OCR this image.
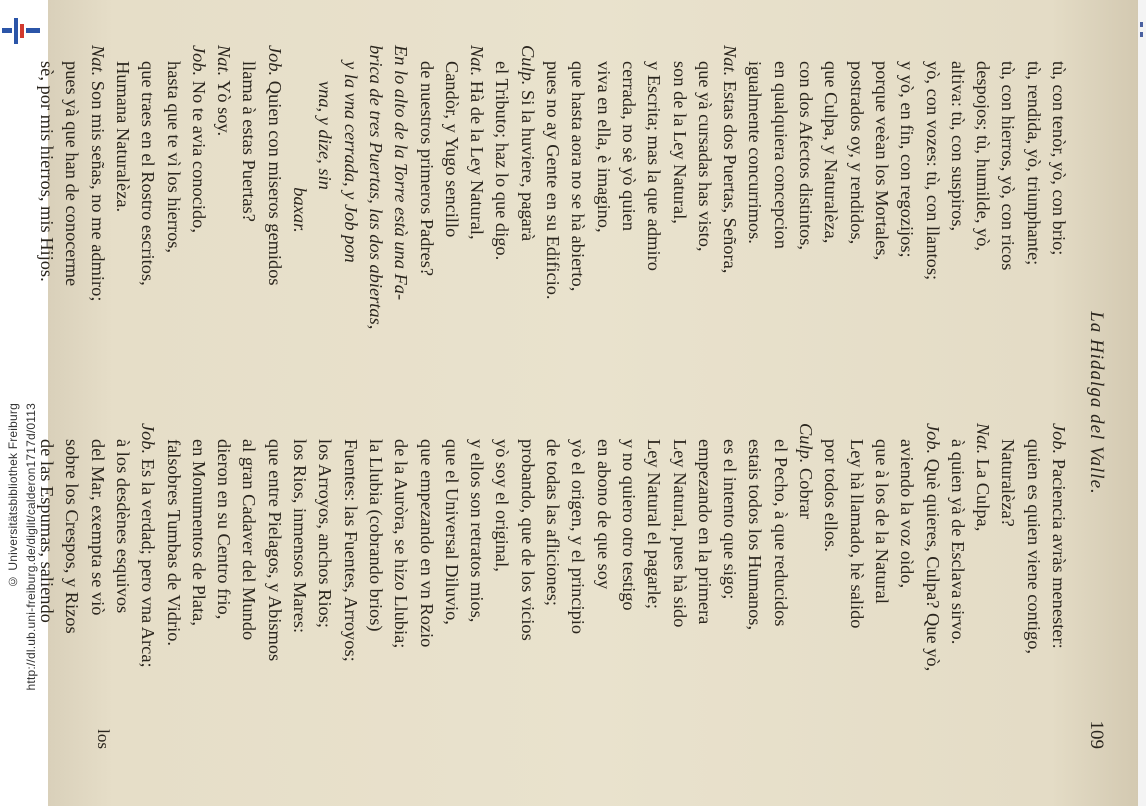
http://dl.ub.uni-freiburg.de/diglit/calderon1717d/0113
© Universitätsbibliothek Freiburg	La Hidalga del Valle.
109
tù, con tenòr, yò, con brio;
tù, rendida, yò, triunphante;
tù, con hierros, yò, con ricos
despojos; tù, humilde, yò,
altiva: tù, con suspiros,
yò, con vozes: tù, con llantos;
y yò, en fin, con regozijos;
porque veèan los Mortales,
postrados oy, y rendidos,
que Culpa, y Naturalèza,
con dos Afectos distintos,
en qualquiera concepcion
igualmente concurrimos.
Nat. Estas dos Puertas, Señora,
que yà cursadas has visto,
son de la Ley Natural,
y Escrita; mas la que admiro
cerrada, no sè yò quien
viva en ella, è imagino,
que hasta aora no se hà abierto,
pues no ay Gente en su Edificio.
Culp. Si la huviere, pagarà
el Tributo; haz lo que digo.
Nat. Hà de la Ley Natural,
Candòr, y Yugo sencillo
de nuestros primeros Padres?
En lo alto de la Torre està una Fa-
brica de tres Puertas, las dos abiertas,
y la vna cerrada, y Job pon
vna, y dize, sin
baxar.
Job. Quien con miseros gemidos
llama à estas Puertas?
Nat. Yò soy.
Job. No te avia conocido,
hasta que te vì los hierros,
que traes en el Rostro escritos,
Humana Naturalèza.
Nat. Son mis señas, no me admiro;
pues yà que han de conocerme
sè, por mis hierros, mis Hijos.
Job. Paciencia avràs menester:
quien es quien viene contigo,
Naturalèza?
Nat. La Culpa,
à quien yà de Esclava sirvo.
Job. Què quieres, Culpa? Que yò,
aviendo la voz oìdo,
que à los de la Natural
Ley hà llamado, hè salido
por todos ellos.
Culp. Cobrar
el Pecho, à que reducidos
estais todos los Humanos,
es el intento que sigo;
empezando en la primera
Ley Natural, pues hà sido
Ley Natural el pagarle;
y no quiero otro testigo
en abono de que soy
yò el origen, y el principio
de todas las afliciones;
probando, que de los vicios
yò soy el original,
y ellos son retratos mios,
que el Universal Diluvio,
que empezando en vn Rozio
de la Auròra, se hizo Llubia;
la Llubia (cobrando brios)
Fuentes: las Fuentes, Arroyos;
los Arroyos, anchos Rios;
los Rios, inmensos Mares:
que entre Pielagos, y Abismos
al gran Cadaver del Mundo
dieron en su Centro frio,
en Monumentos de Plata,
falsobres Tumbas de Vidrio.
Job. Es la verdad; pero vna Arca;
à los desdènes esquivos
del Mar, exempta se viò
sobre los Crespos, y Rizos
de las Espumas, saliendo
los
